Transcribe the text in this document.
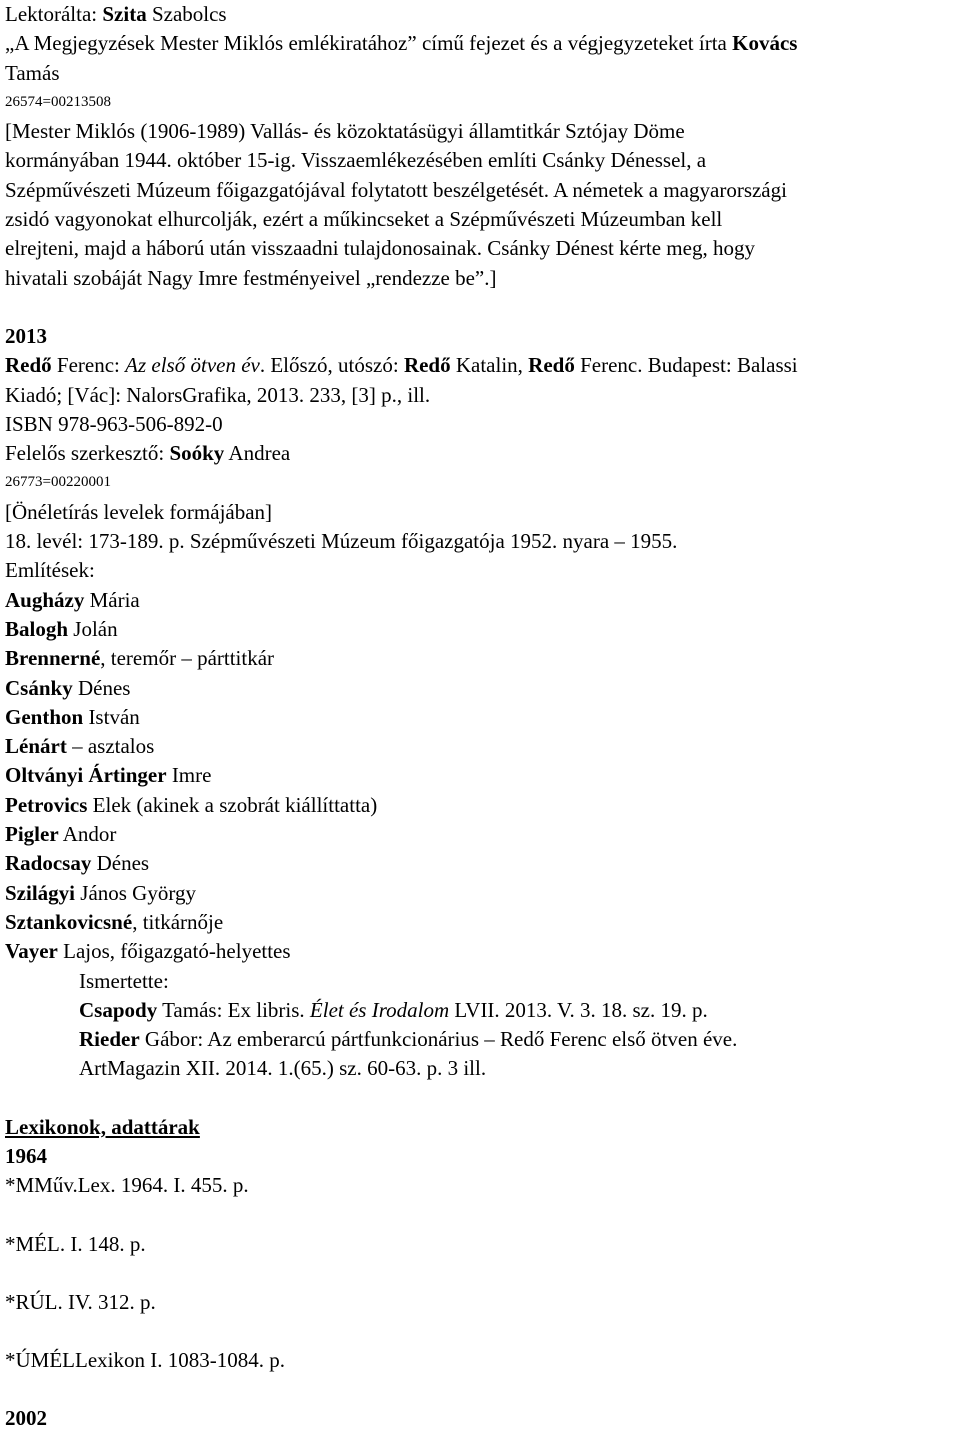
Lektorálta: Szita Szabolcs
„A Megjegyzések Mester Miklós emlékiratához” című fejezet és a végjegyzeteket írta Kovács
Tamás
26574=00213508
[Mester Miklós (1906-1989) Vallás- és közoktatásügyi államtitkár Sztójay Döme
kormányában 1944. október 15-ig. Visszaemlékezésében említi Csánky Dénessel, a
Szépművészeti Múzeum főigazgatójával folytatott beszélgetését. A németek a magyarországi
zsidó vagyonokat elhurcolják, ezért a műkincseket a Szépművészeti Múzeumban kell
elrejteni, majd a háború után visszaadni tulajdonosainak. Csánky Dénest kérte meg, hogy
hivatali szobáját Nagy Imre festményeivel „rendezze be”.]
2013
Redő Ferenc: Az első ötven év. Előszó, utószó: Redő Katalin, Redő Ferenc. Budapest: Balassi
Kiadó; [Vác]: NalorsGrafika, 2013. 233, [3] p., ill.
ISBN 978-963-506-892-0
Felelős szerkesztő: Soóky Andrea
26773=00220001
[Önéletírás levelek formájában]
18. levél: 173-189. p. Szépművészeti Múzeum főigazgatója 1952. nyara – 1955.
Említések:
Augházy Mária
Balogh Jolán
Brennerné, teremőr – párttitkár
Csánky Dénes
Genthon István
Lénárt – asztalos
Oltványi Ártinger Imre
Petrovics Elek (akinek a szobrát kiállíttatta)
Pigler Andor
Radocsay Dénes
Szilágyi János György
Sztankovicsné, titkárnője
Vayer Lajos, főigazgató-helyettes
Ismertette:
Csapody Tamás: Ex libris. Élet és Irodalom LVII. 2013. V. 3. 18. sz. 19. p.
Rieder Gábor: Az emberarcú pártfunkcionárius – Redő Ferenc első ötven éve.
ArtMagazin XII. 2014. 1.(65.) sz. 60-63. p. 3 ill.
Lexikonok, adattárak
1964
*MMűv.Lex. 1964. I. 455. p.
*MÉL. I. 148. p.
*RÚL. IV. 312. p.
*ÚMÉLLexikon I. 1083-1084. p.
2002
